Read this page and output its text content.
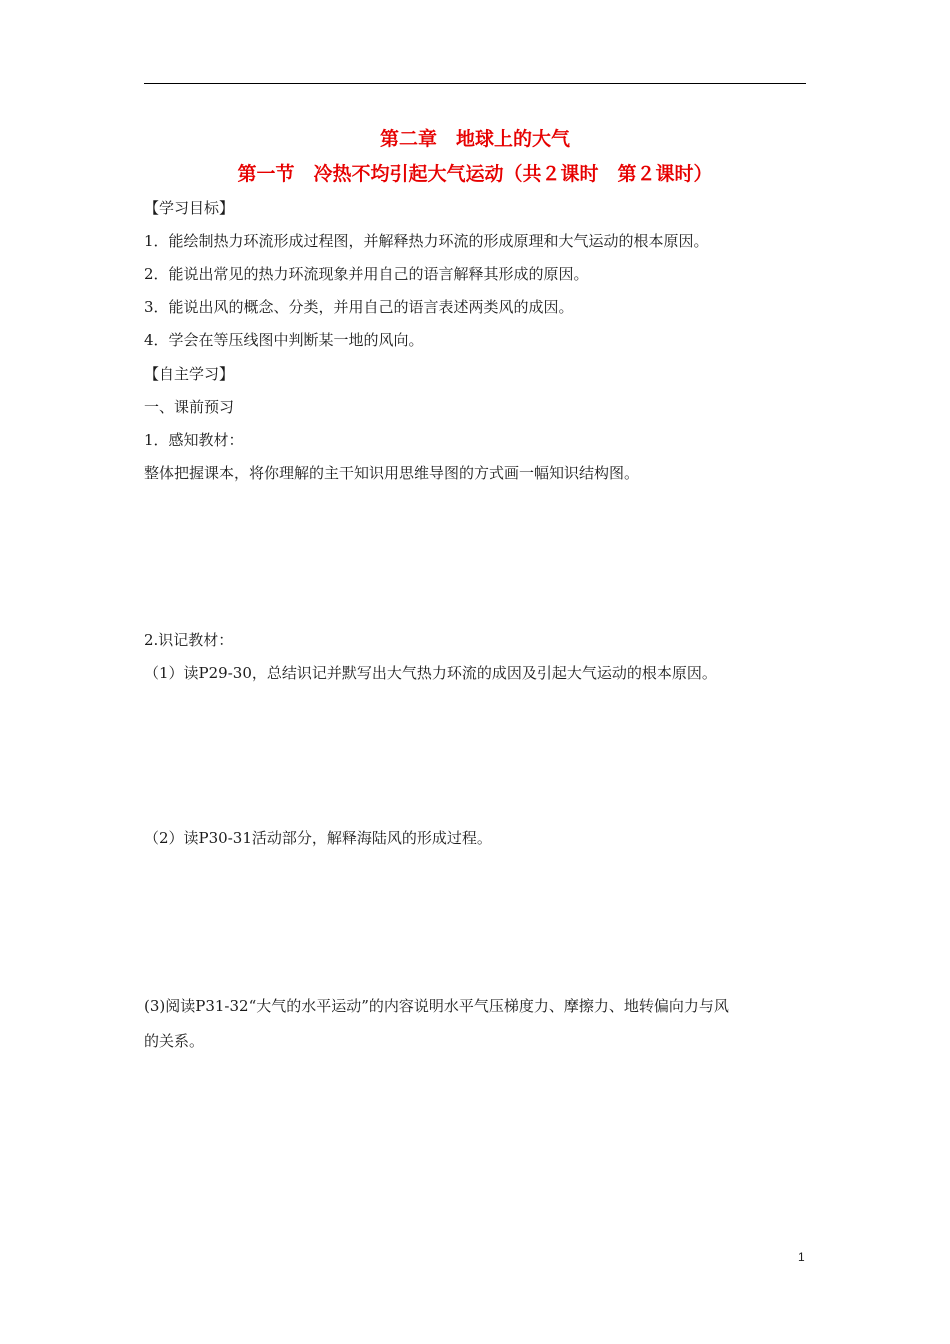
第二章　地球上的大气
第一节　冷热不均引起大气运动（共２课时　第２课时）
【学习目标】
1．能绘制热力环流形成过程图，并解释热力环流的形成原理和大气运动的根本原因。
2．能说出常见的热力环流现象并用自己的语言解释其形成的原因。
3．能说出风的概念、分类，并用自己的语言表述两类风的成因。
4．学会在等压线图中判断某一地的风向。
【自主学习】
一、课前预习
1．感知教材：
整体把握课本，将你理解的主干知识用思维导图的方式画一幅知识结构图。
2.识记教材：
（1）读P29-30，总结识记并默写出大气热力环流的成因及引起大气运动的根本原因。
（2）读P30-31活动部分，解释海陆风的形成过程。
(3)阅读P31-32“大气的水平运动”的内容说明水平气压梯度力、摩擦力、地转偏向力与风
的关系。
1
